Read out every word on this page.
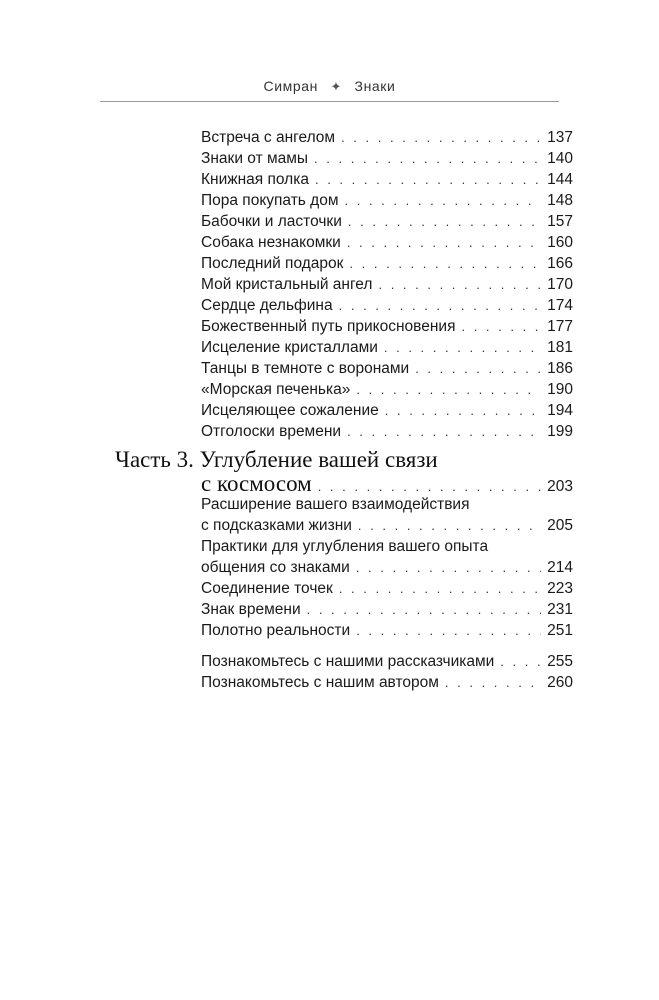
Симран ✦ Знаки
Встреча с ангелом . . .	137
Знаки от мамы . . .	140
Книжная полка . . .	144
Пора покупать дом . . .	148
Бабочки и ласточки . . .	157
Собака незнакомки . . .	160
Последний подарок . . .	166
Мой кристальный ангел . . .	170
Сердце дельфина . . .	174
Божественный путь прикосновения . . .	177
Исцеление кристаллами . . .	181
Танцы в темноте с воронами . . .	186
«Морская печенька» . . .	190
Исцеляющее сожаление . . .	194
Отголоски времени . . .	199
Часть 3. Углубление вашей связи
с космосом . . .	203
Расширение вашего взаимодействия
с подсказками жизни . . .	205
Практики для углубления вашего опыта
общения со знаками . . .	214
Соединение точек . . .	223
Знак времени . . .	231
Полотно реальности . . .	251
Познакомьтесь с нашими рассказчиками . . .	255
Познакомьтесь с нашим автором . . .	260
